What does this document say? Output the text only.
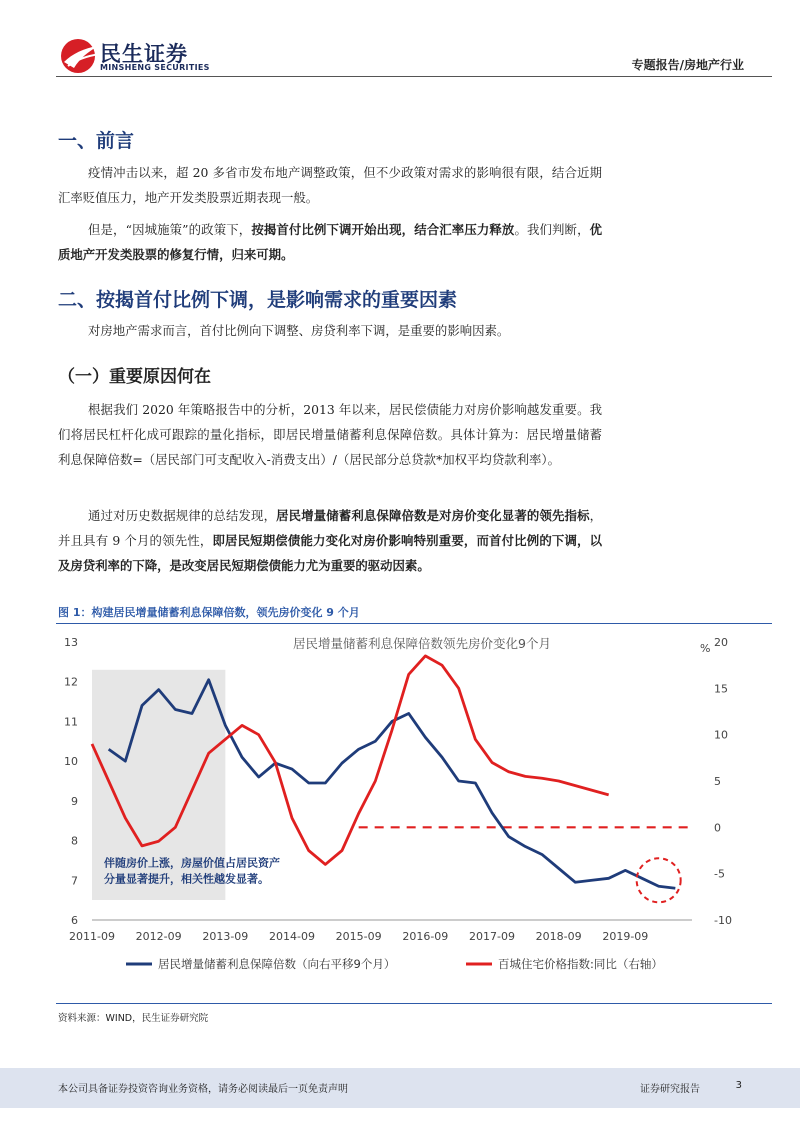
民生证券
MINSHENG SECURITIES	专题报告/房地产行业
一、前言

疫情冲击以来，超 20 多省市发布地产调整政策，但不少政策对需求的影响很有限，结合近期汇率贬值压力，地产开发类股票近期表现一般。

但是，“因城施策”的政策下，按揭首付比例下调开始出现，结合汇率压力释放。我们判断，优质地产开发类股票的修复行情，归来可期。

二、按揭首付比例下调，是影响需求的重要因素

对房地产需求而言，首付比例向下调整、房贷利率下调，是重要的影响因素。

（一）重要原因何在

根据我们 2020 年策略报告中的分析，2013 年以来，居民偿债能力对房价影响越发重要。我们将居民杠杆化成可跟踪的量化指标，即居民增量储蓄利息保障倍数。具体计算为：居民增量储蓄利息保障倍数=（居民部门可支配收入-消费支出）/（居民部分总贷款*加权平均贷款利率）。

通过对历史数据规律的总结发现，居民增量储蓄利息保障倍数是对房价变化显著的领先指标，并且具有 9 个月的领先性，即居民短期偿债能力变化对房价影响特别重要，而首付比例的下调，以及房贷利率的下降，是改变居民短期偿债能力尤为重要的驱动因素。

图 1：构建居民增量储蓄利息保障倍数，领先房价变化 9 个月
居民增量储蓄利息保障倍数领先房价变化9个月
6
7
8
9
10
11
12
13
-10
-5
0
5
10
15
20
%
2011-09 2012-09 2013-09 2014-09 2015-09 2016-09 2017-09 2018-09 2019-09
伴随房价上涨，房屋价值占居民资产
分量显著提升，相关性越发显著。
居民增量储蓄利息保障倍数（向右平移9个月）	百城住宅价格指数:同比（右轴）
资料来源：WIND，民生证券研究院
本公司具备证券投资咨询业务资格，请务必阅读最后一页免责声明	证券研究报告	3
